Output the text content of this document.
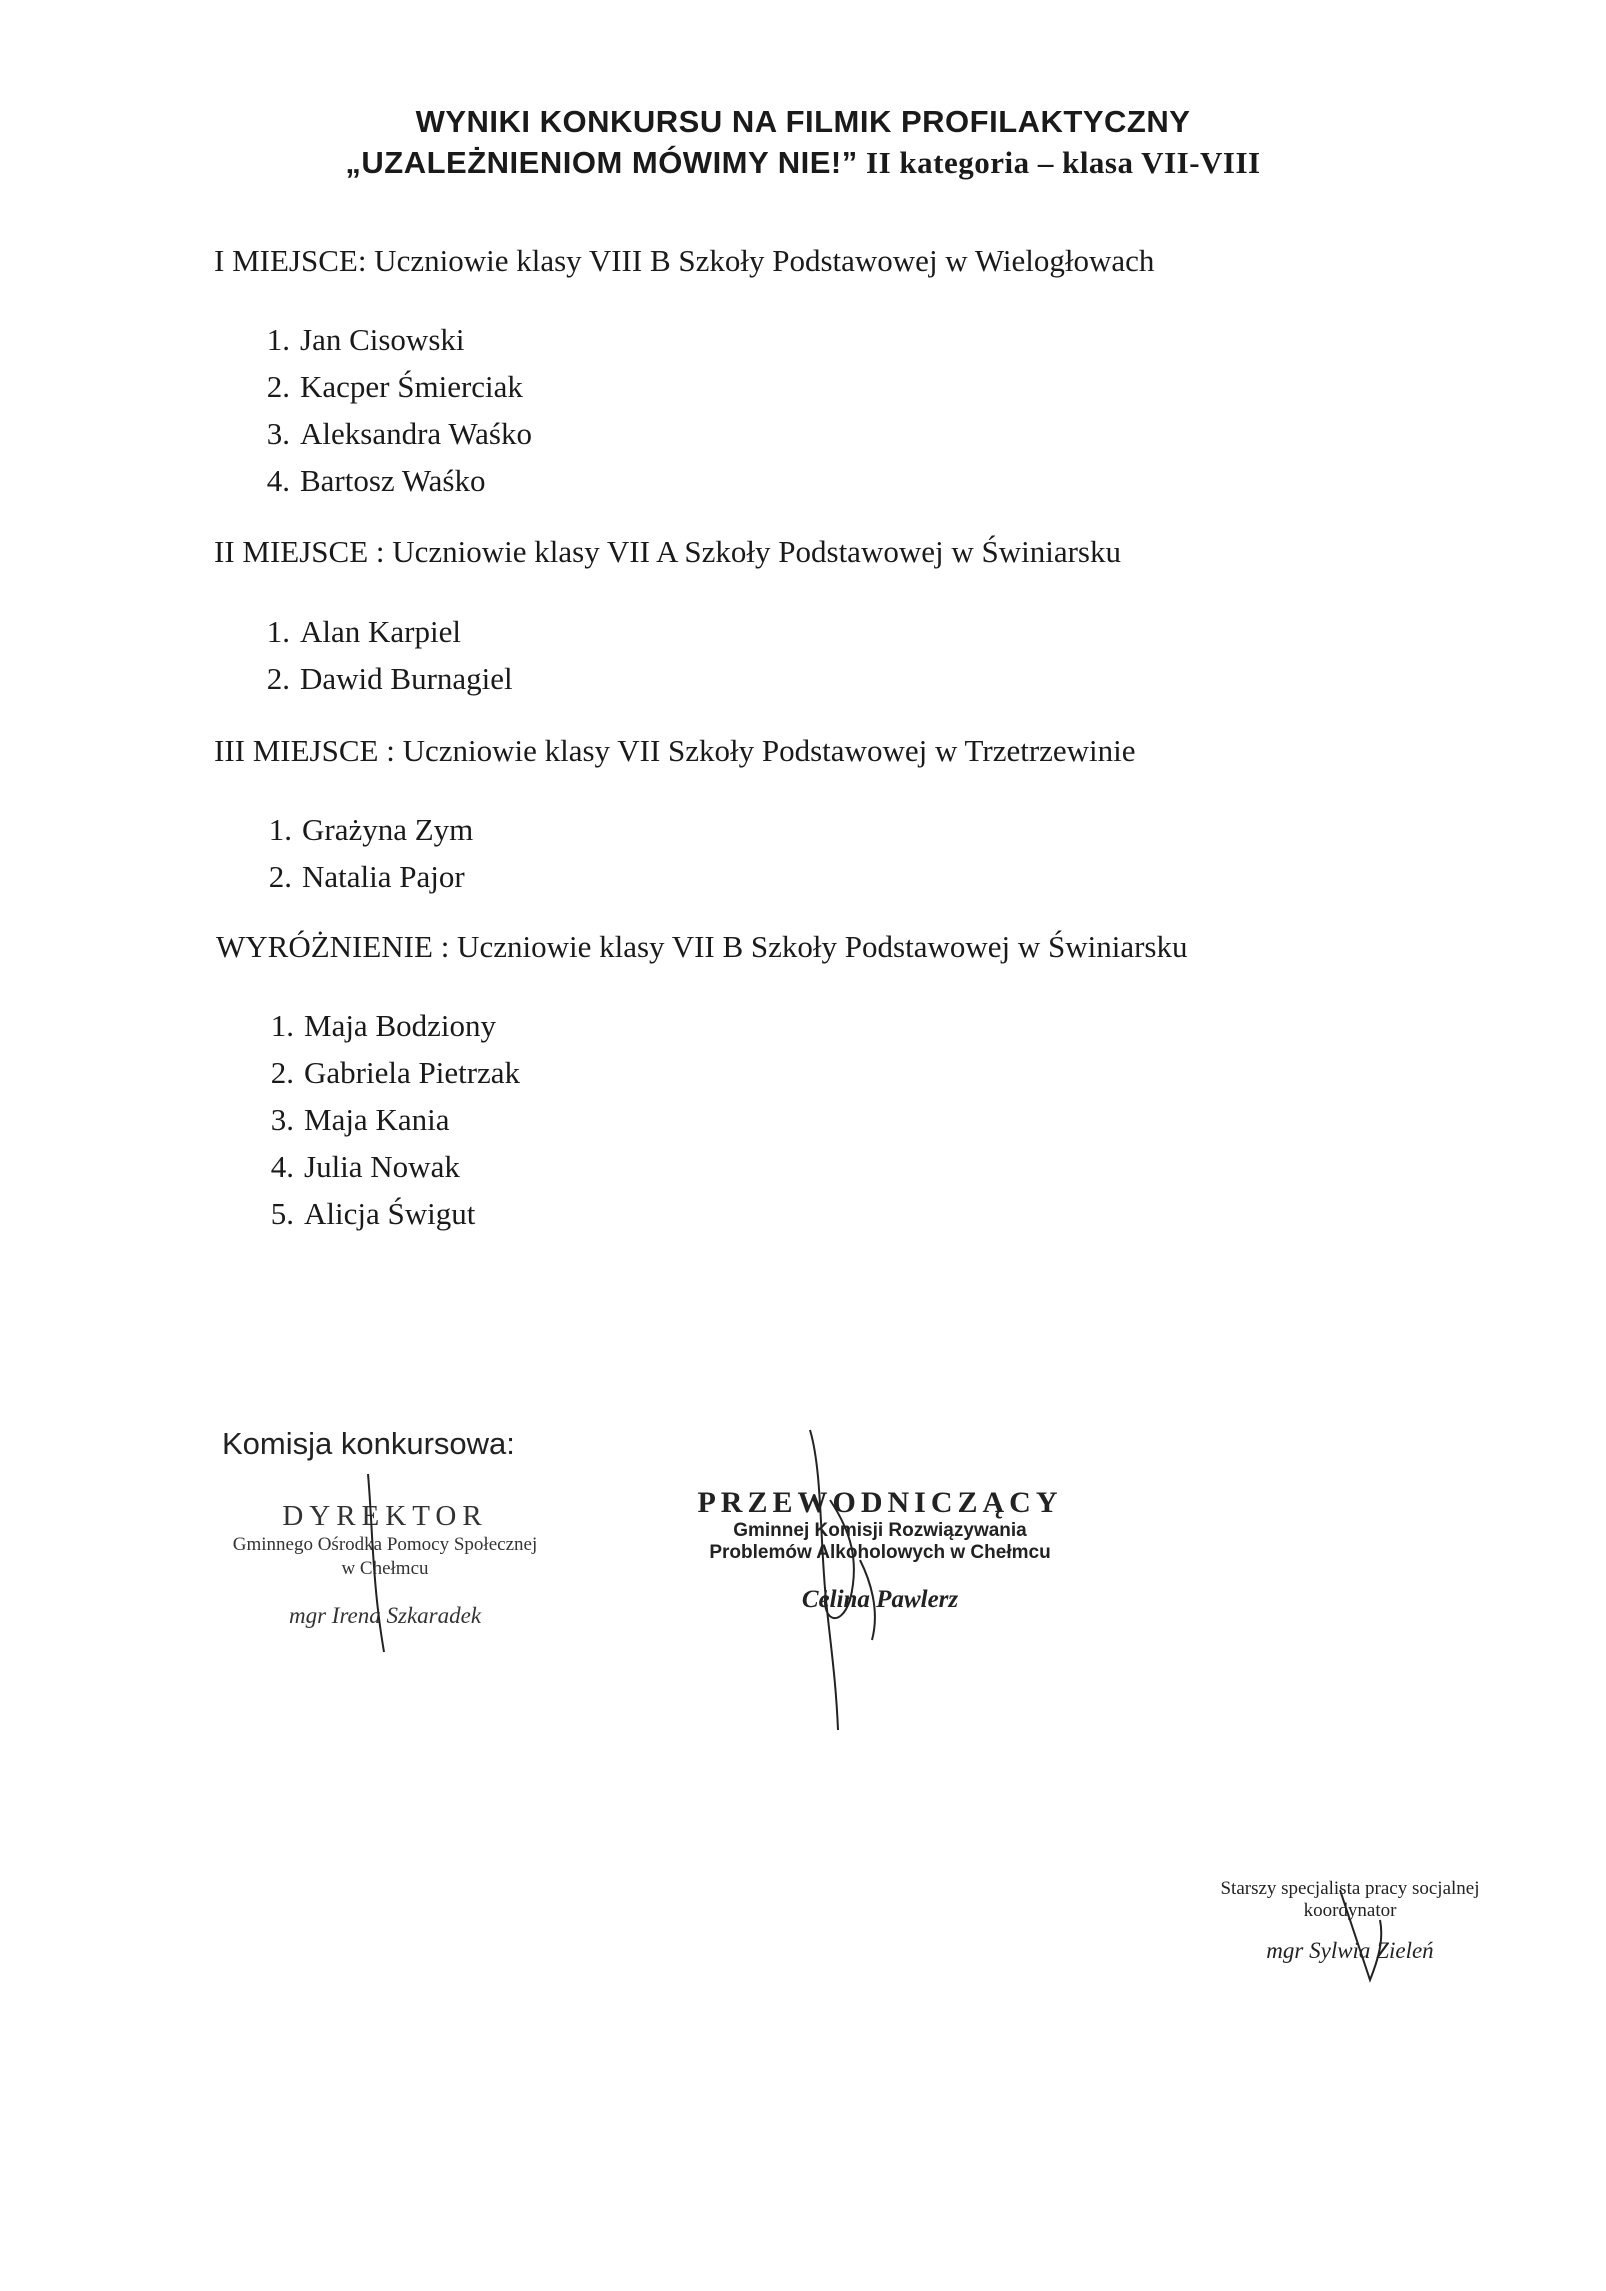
WYNIKI KONKURSU NA FILMIK PROFILAKTYCZNY
„UZALEŻNIENIOM MÓWIMY NIE!” II kategoria – klasa VII-VIII
I MIEJSCE: Uczniowie klasy VIII B Szkoły Podstawowej w Wielogłowach
1. Jan Cisowski
2. Kacper Śmierciak
3. Aleksandra Waśko
4. Bartosz Waśko
II MIEJSCE : Uczniowie klasy VII A Szkoły Podstawowej w Świniarsku
1. Alan Karpiel
2. Dawid Burnagiel
III MIEJSCE : Uczniowie klasy VII Szkoły Podstawowej w Trzetrzewinie
1. Grażyna Zym
2. Natalia Pajor
WYRÓŻNIENIE : Uczniowie klasy VII B Szkoły Podstawowej w Świniarsku
1. Maja Bodziony
2. Gabriela Pietrzak
3. Maja Kania
4. Julia Nowak
5. Alicja Świgut
Komisja konkursowa:
DYREKTOR
Gminnego Ośrodka Pomocy Społecznej
w Chełmcu
mgr Irena Szkaradek
PRZEWODNICZĄCY
Gminnej Komisji Rozwiązywania
Problemów Alkoholowych w Chełmcu
Celina Pawlerz
Starszy specjalista pracy socjalnej
koordynator
mgr Sylwia Zieleń
